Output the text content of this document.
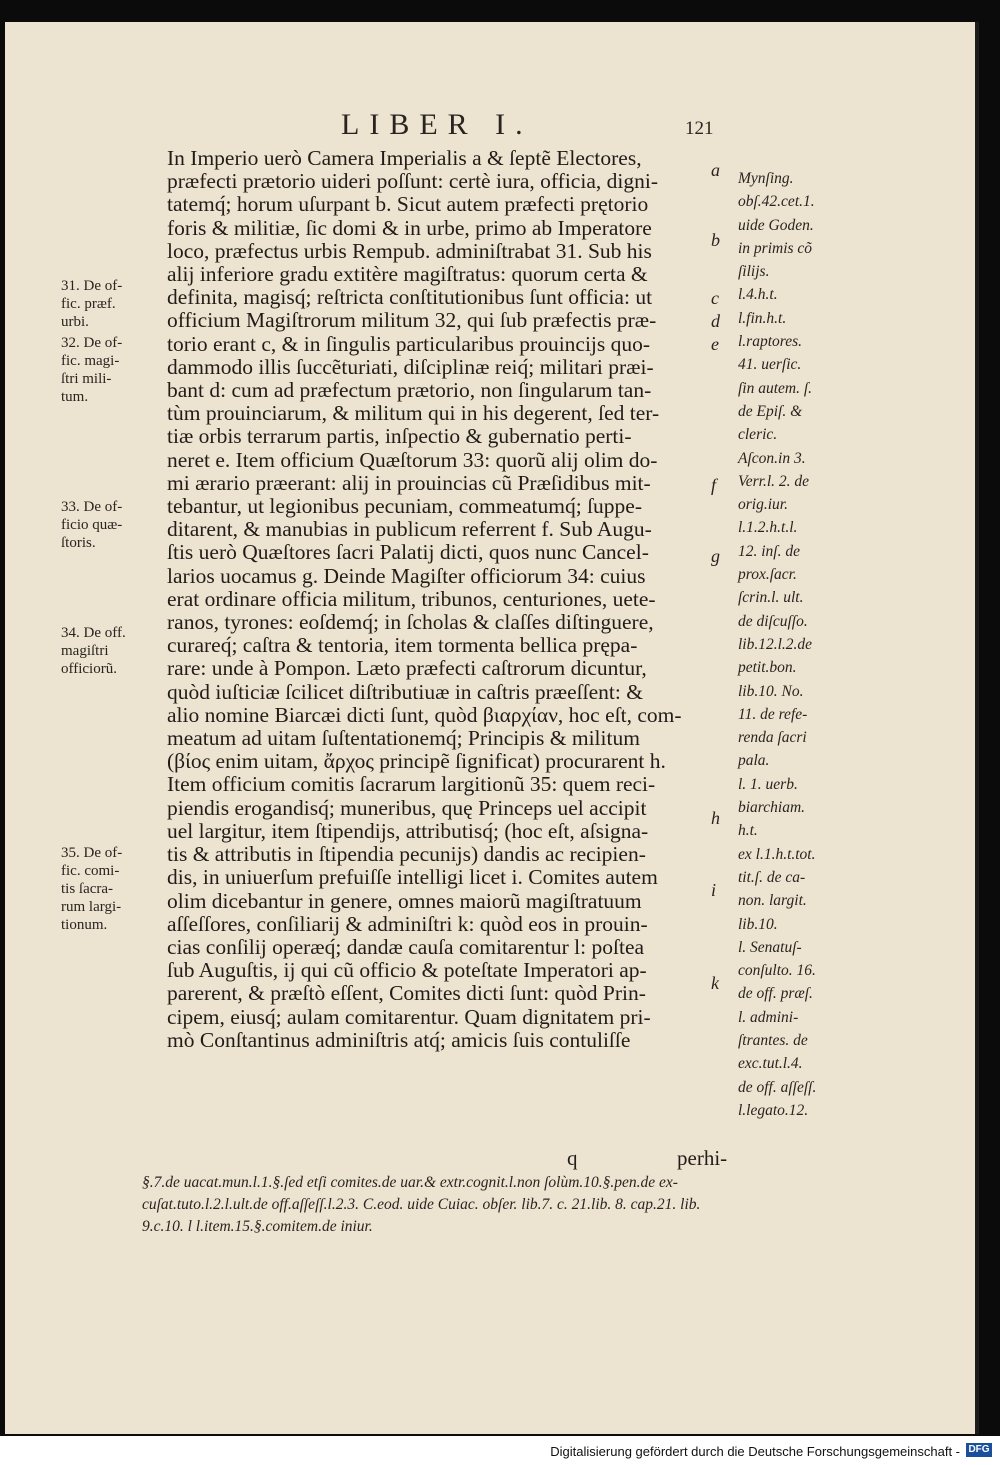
LIBER I.	121
In Imperio uerò Camera Imperialis a & ſeptẽ Electores,
præfecti prætorio uideri poſſunt: certè iura, officia, digni-
tatemq́; horum uſurpant b. Sicut autem præfecti prętorio
foris & militiæ, ſic domi & in urbe, primo ab Imperatore
loco, præfectus urbis Rempub. adminiſtrabat 31. Sub his
alij inferiore gradu extitère magiſtratus: quorum certa &
definita, magisq́; reſtricta conſtitutionibus ſunt officia: ut
officium Magiſtrorum militum 32, qui ſub præfectis præ-
torio erant c, & in ſingulis particularibus prouincijs quo-
dammodo illis ſuccẽturiati, diſciplinæ reiq́; militari præi-
bant d: cum ad præfectum prætorio, non ſingularum tan-
tùm prouinciarum, & militum qui in his degerent, ſed ter-
tiæ orbis terrarum partis, inſpectio & gubernatio perti-
neret e. Item officium Quæſtorum 33: quorũ alij olim do-
mi ærario præerant: alij in prouincias cũ Præſidibus mit-
tebantur, ut legionibus pecuniam, commeatumq́; ſuppe-
ditarent, & manubias in publicum referrent f. Sub Augu-
ſtis uerò Quæſtores ſacri Palatij dicti, quos nunc Cancel-
larios uocamus g. Deinde Magiſter officiorum 34: cuius
erat ordinare officia militum, tribunos, centuriones, uete-
ranos, tyrones: eoſdemq́; in ſcholas & claſſes diſtinguere,
curareq́; caſtra & tentoria, item tormenta bellica prępa-
rare: unde à Pompon. Læto præfecti caſtrorum dicuntur,
quòd iuſticiæ ſcilicet diſtributiuæ in caſtris præeſſent: &
alio nomine Biarcæi dicti ſunt, quòd βιαρχίαν, hoc eſt, com-
meatum ad uitam ſuſtentationemq́; Principis & militum
(βίος enim uitam, ἄρχος principẽ ſignificat) procurarent h.
Item officium comitis ſacrarum largitionũ 35: quem reci-
piendis erogandisq́; muneribus, quę Princeps uel accipit
uel largitur, item ſtipendijs, attributisq́; (hoc eſt, aſsigna-
tis & attributis in ſtipendia pecunijs) dandis ac recipien-
dis, in uniuerſum prefuiſſe intelligi licet i. Comites autem
olim dicebantur in genere, omnes maiorũ magiſtratuum
aſſeſſores, conſiliarij & adminiſtri k: quòd eos in prouin-
cias conſilij operæq́; dandæ cauſa comitarentur l: poſtea
ſub Auguſtis, ij qui cũ officio & poteſtate Imperatori ap-
parerent, & præſtò eſſent, Comites dicti ſunt: quòd Prin-
cipem, eiusq́; aulam comitarentur. Quam dignitatem pri-
mò Conſtantinus adminiſtris atq́; amicis ſuis contuliſſe
31. De of-
fic. præf.
urbi.
32. De of-
fic. magi-
ſtri mili-
tum.
33. De of-
ficio quæ-
ſtoris.
34. De off.
magiſtri
officiorũ.
35. De of-
fic. comi-
tis ſacra-
rum largi-
tionum.
a
b
c
d
e
f
g
h
i
k
Mynſing.
obſ.42.cet.1.
uide Goden.
in primis cõ
ſilijs.
l.4.h.t.
l.fin.h.t.
l.raptores.
41. uerſic.
ſin autem. ſ.
de Epiſ. &
cleric.
Aſcon.in 3.
Verr.l. 2. de
orig.iur.
l.1.2.h.t.l.
12. inſ. de
prox.ſacr.
ſcrin.l. ult.
de diſcuſſo.
lib.12.l.2.de
petit.bon.
lib.10. No.
11. de refe-
renda ſacri
pala.
l. 1. uerb.
biarchiam.
h.t.
ex l.1.h.t.tot.
tit.ſ. de ca-
non. largit.
lib.10.
l. Senatuſ-
conſulto. 16.
de off. præſ.
l. admini-
ſtrantes. de
exc.tut.l.4.
de off. aſſeſſ.
l.legato.12.
q	perhi-
§.7.de uacat.mun.l.1.§.ſed etſi comites.de uar.& extr.cognit.l.non ſolùm.10.§.pen.de ex-
cuſat.tuto.l.2.l.ult.de off.aſſeſſ.l.2.3. C.eod. uide Cuiac. obſer. lib.7. c. 21.lib. 8. cap.21. lib.
9.c.10. l l.item.15.§.comitem.de iniur.
Digitalisierung gefördert durch die Deutsche Forschungsgemeinschaft - DFG
